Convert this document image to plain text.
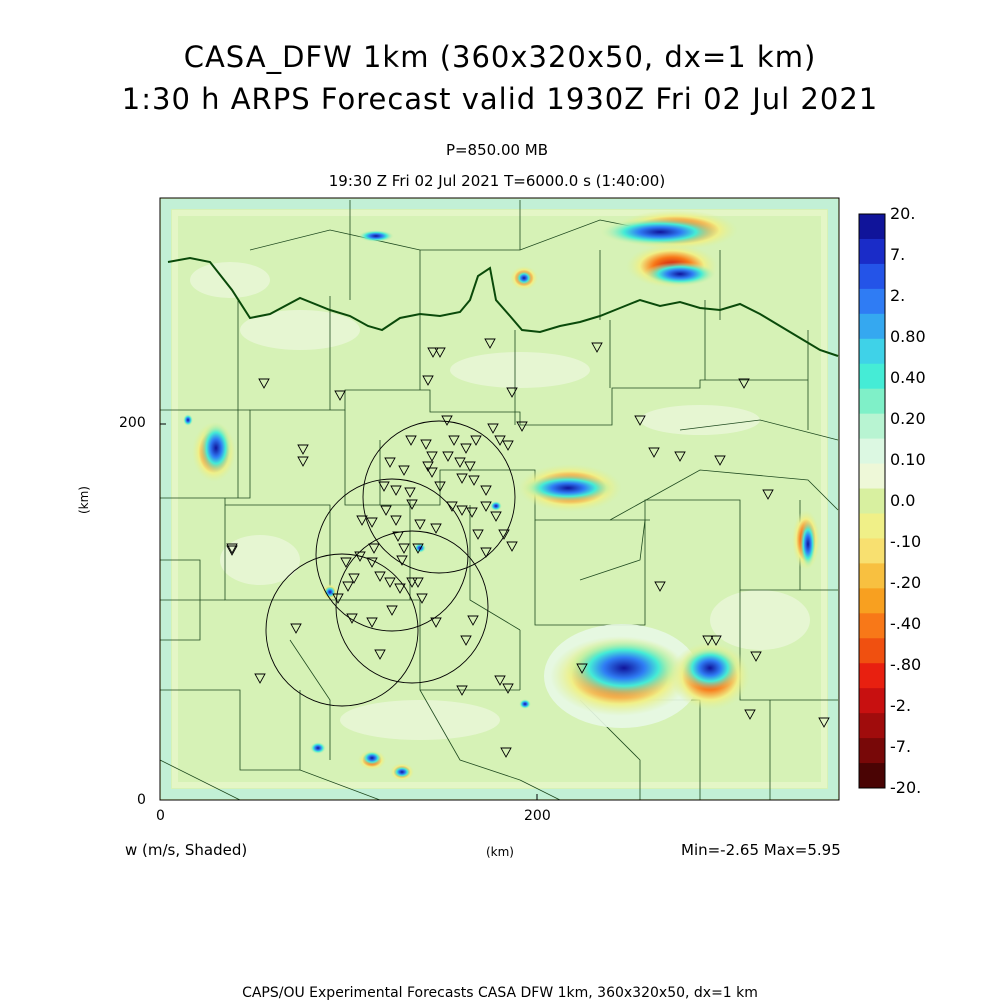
CASA_DFW 1km (360x320x50, dx=1 km)
1:30 h ARPS Forecast valid 1930Z Fri 02 Jul 2021
P=850.00 MB
19:30 Z Fri 02 Jul 2021 T=6000.0 s (1:40:00)
0	200
0
200
(km)
(km)
w (m/s, Shaded)	Min=-2.65 Max=5.95
CAPS/OU Experimental Forecasts CASA DFW 1km, 360x320x50, dx=1 km
20.
7.
2.
0.80
0.40
0.20
0.10
0.0
-.10
-.20
-.40
-.80
-2.
-7.
-20.
